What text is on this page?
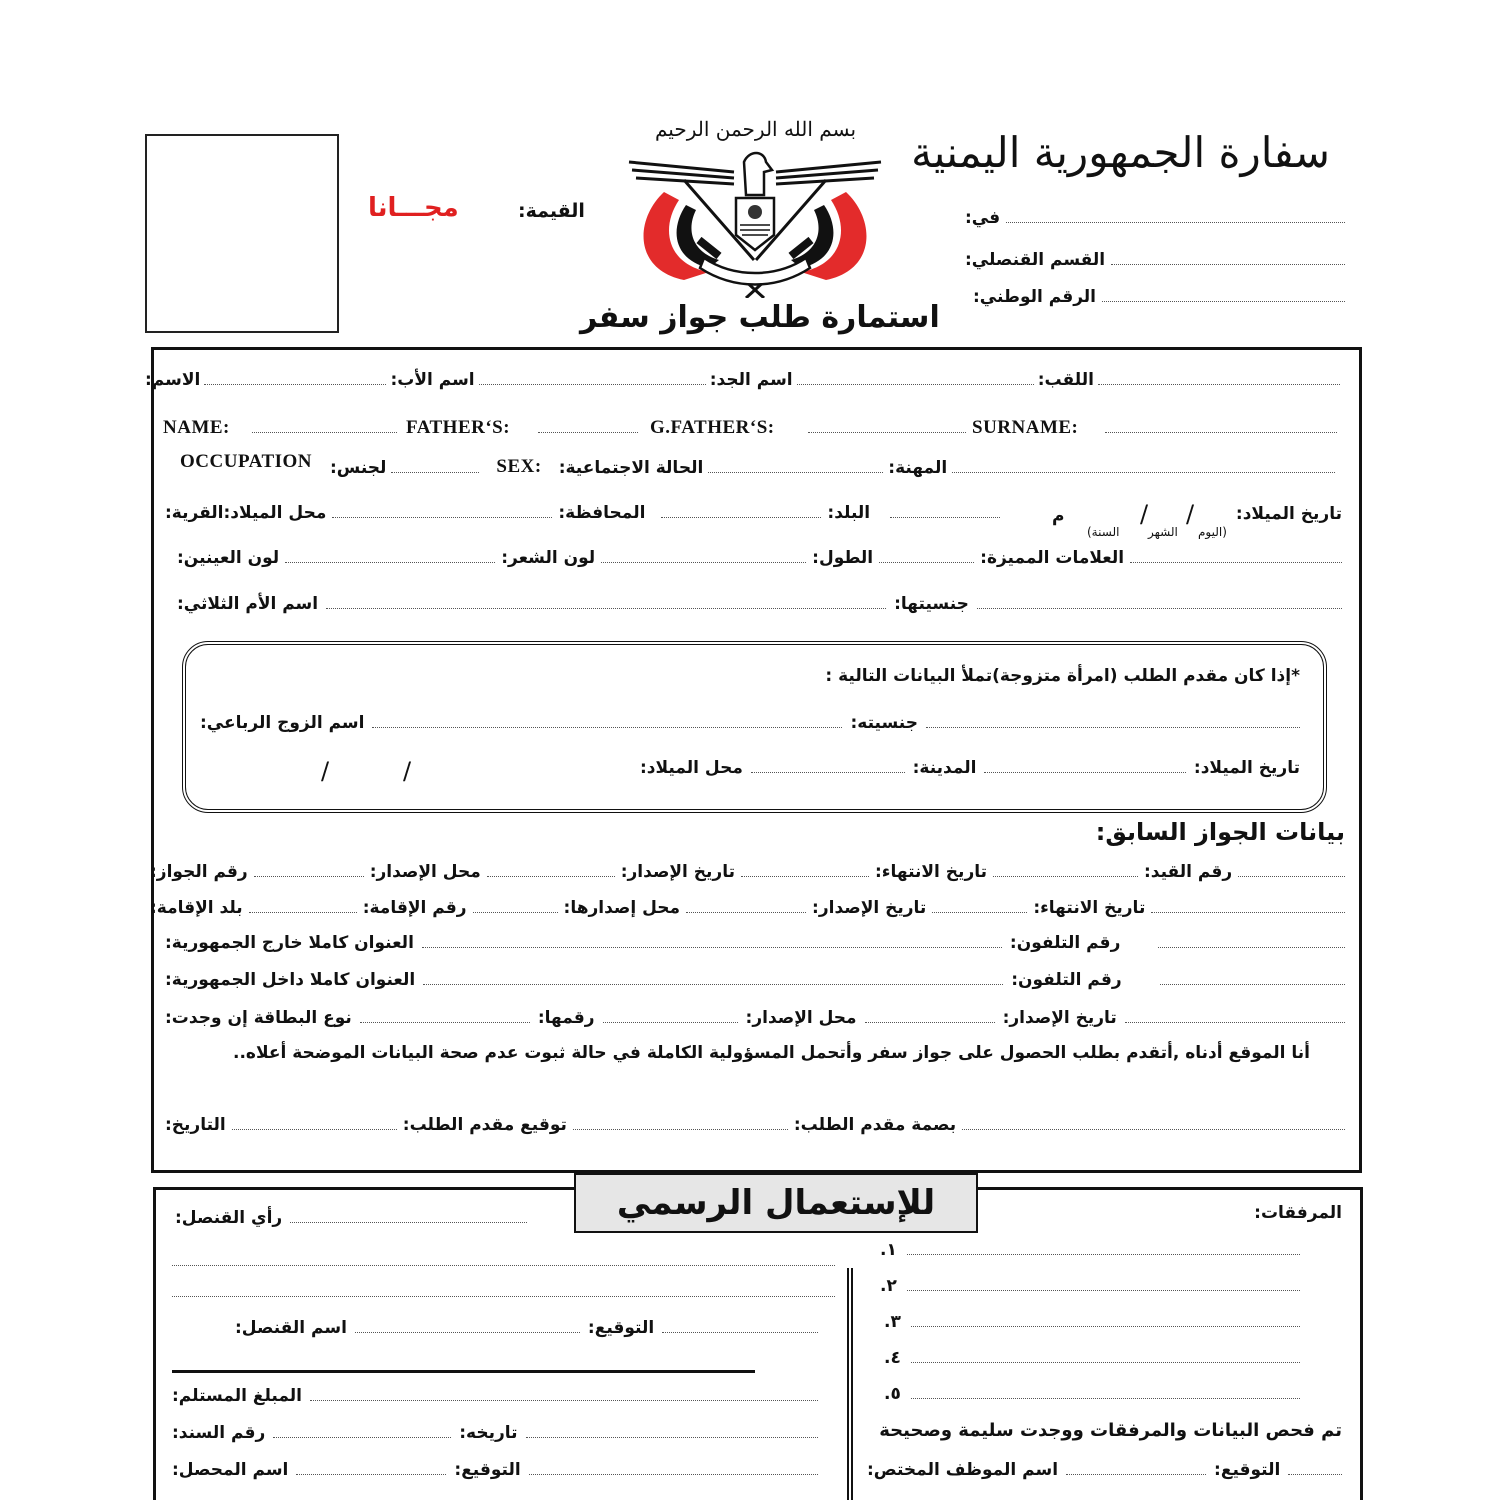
القيمة:
مجـــانا
بسم الله الرحمن الرحيم
استمارة طلب جواز سفر
سفارة الجمهورية اليمنية
في:
القسم القنصلي:
الرقم الوطني:
الاسم:	اسم الأب:	اسم الجد:	اللقب:
NAME:	FATHER‘S:	G.FATHER‘S:	SURNAME:
OCCUPATION لجنس:	SEX: الحالة الاجتماعية:	المهنة:
تاريخ الميلاد:
(اليوم
/
الشهر
/
السنة)
م
محل الميلاد:القرية:	المحافظة:	البلد:
لون العينين:	لون الشعر:	الطول:	العلامات المميزة:
اسم الأم الثلاثي:	جنسيتها:
*إذا كان مقدم الطلب (امرأة متزوجة)تملأ البيانات التالية :
اسم الزوج الرباعي:	جنسيته:
محل الميلاد:	المدينة:	تاريخ الميلاد:
/
/
بيانات الجواز السابق:
رقم الجواز:	محل الإصدار:	تاريخ الإصدار:	تاريخ الانتهاء:	رقم القيد:
بلد الإقامة:	رقم الإقامة:	محل إصدارها:	تاريخ الإصدار:	تاريخ الانتهاء:
العنوان كاملا خارج الجمهورية:	رقم التلفون:
العنوان كاملا داخل الجمهورية:	رقم التلفون:
نوع البطاقة إن وجدت:	رقمها:	محل الإصدار:	تاريخ الإصدار:
أنا الموقع أدناه ,أتقدم بطلب الحصول على جواز سفر وأتحمل المسؤولية الكاملة في حالة ثبوت عدم صحة البيانات الموضحة أعلاه..
التاريخ:	توقيع مقدم الطلب:	بصمة مقدم الطلب:
للإستعمال الرسمي
رأي القنصل:
اسم القنصل:	التوقيع:
المبلغ المستلم:
رقم السند:	تاريخه:
اسم المحصل:	التوقيع:
المرفقات:
١.
٢.
٣.
٤.
٥.
تم فحص البيانات والمرفقات ووجدت سليمة وصحيحة
اسم الموظف المختص:	التوقيع:
